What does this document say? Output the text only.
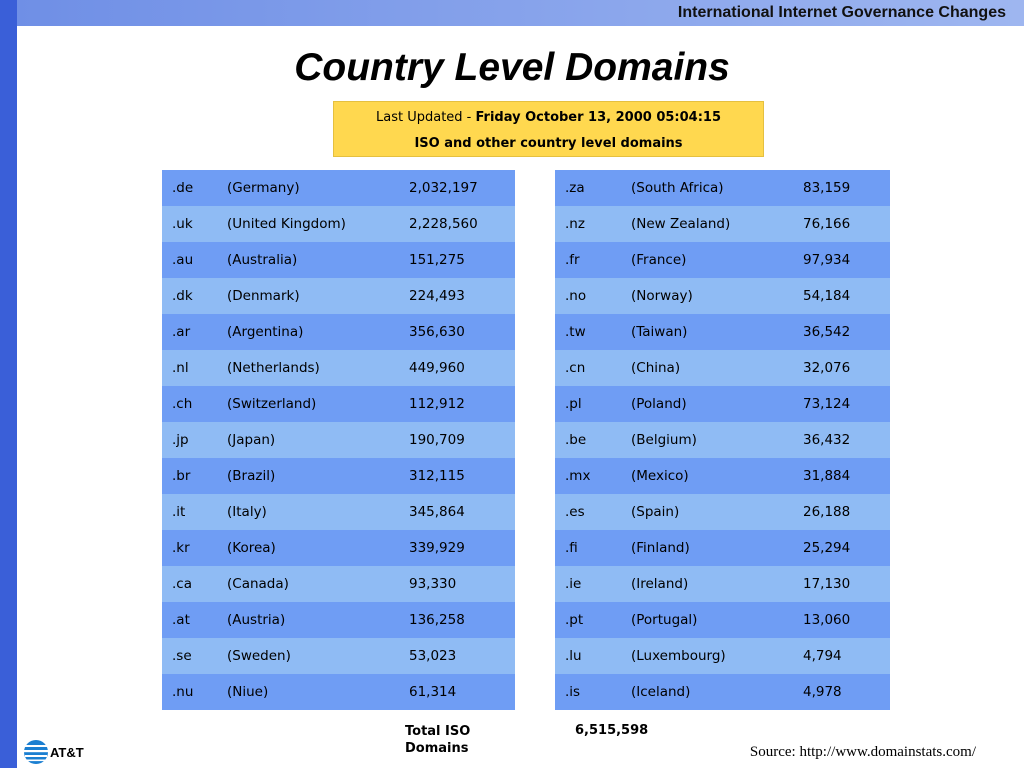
International Internet Governance Changes
Country Level Domains
Last Updated - Friday October 13, 2000 05:04:15
ISO and other country level domains
.de	(Germany)	2,032,197
.uk	(United Kingdom)	2,228,560
.au	(Australia)	151,275
.dk	(Denmark)	224,493
.ar	(Argentina)	356,630
.nl	(Netherlands)	449,960
.ch	(Switzerland)	112,912
.jp	(Japan)	190,709
.br	(Brazil)	312,115
.it	(Italy)	345,864
.kr	(Korea)	339,929
.ca	(Canada)	93,330
.at	(Austria)	136,258
.se	(Sweden)	53,023
.nu	(Niue)	61,314
.za	(South Africa)	83,159
.nz	(New Zealand)	76,166
.fr	(France)	97,934
.no	(Norway)	54,184
.tw	(Taiwan)	36,542
.cn	(China)	32,076
.pl	(Poland)	73,124
.be	(Belgium)	36,432
.mx	(Mexico)	31,884
.es	(Spain)	26,188
.fi	(Finland)	25,294
.ie	(Ireland)	17,130
.pt	(Portugal)	13,060
.lu	(Luxembourg)	4,794
.is	(Iceland)	4,978
Total ISO Domains
6,515,598
AT&T	Source: http://www.domainstats.com/
